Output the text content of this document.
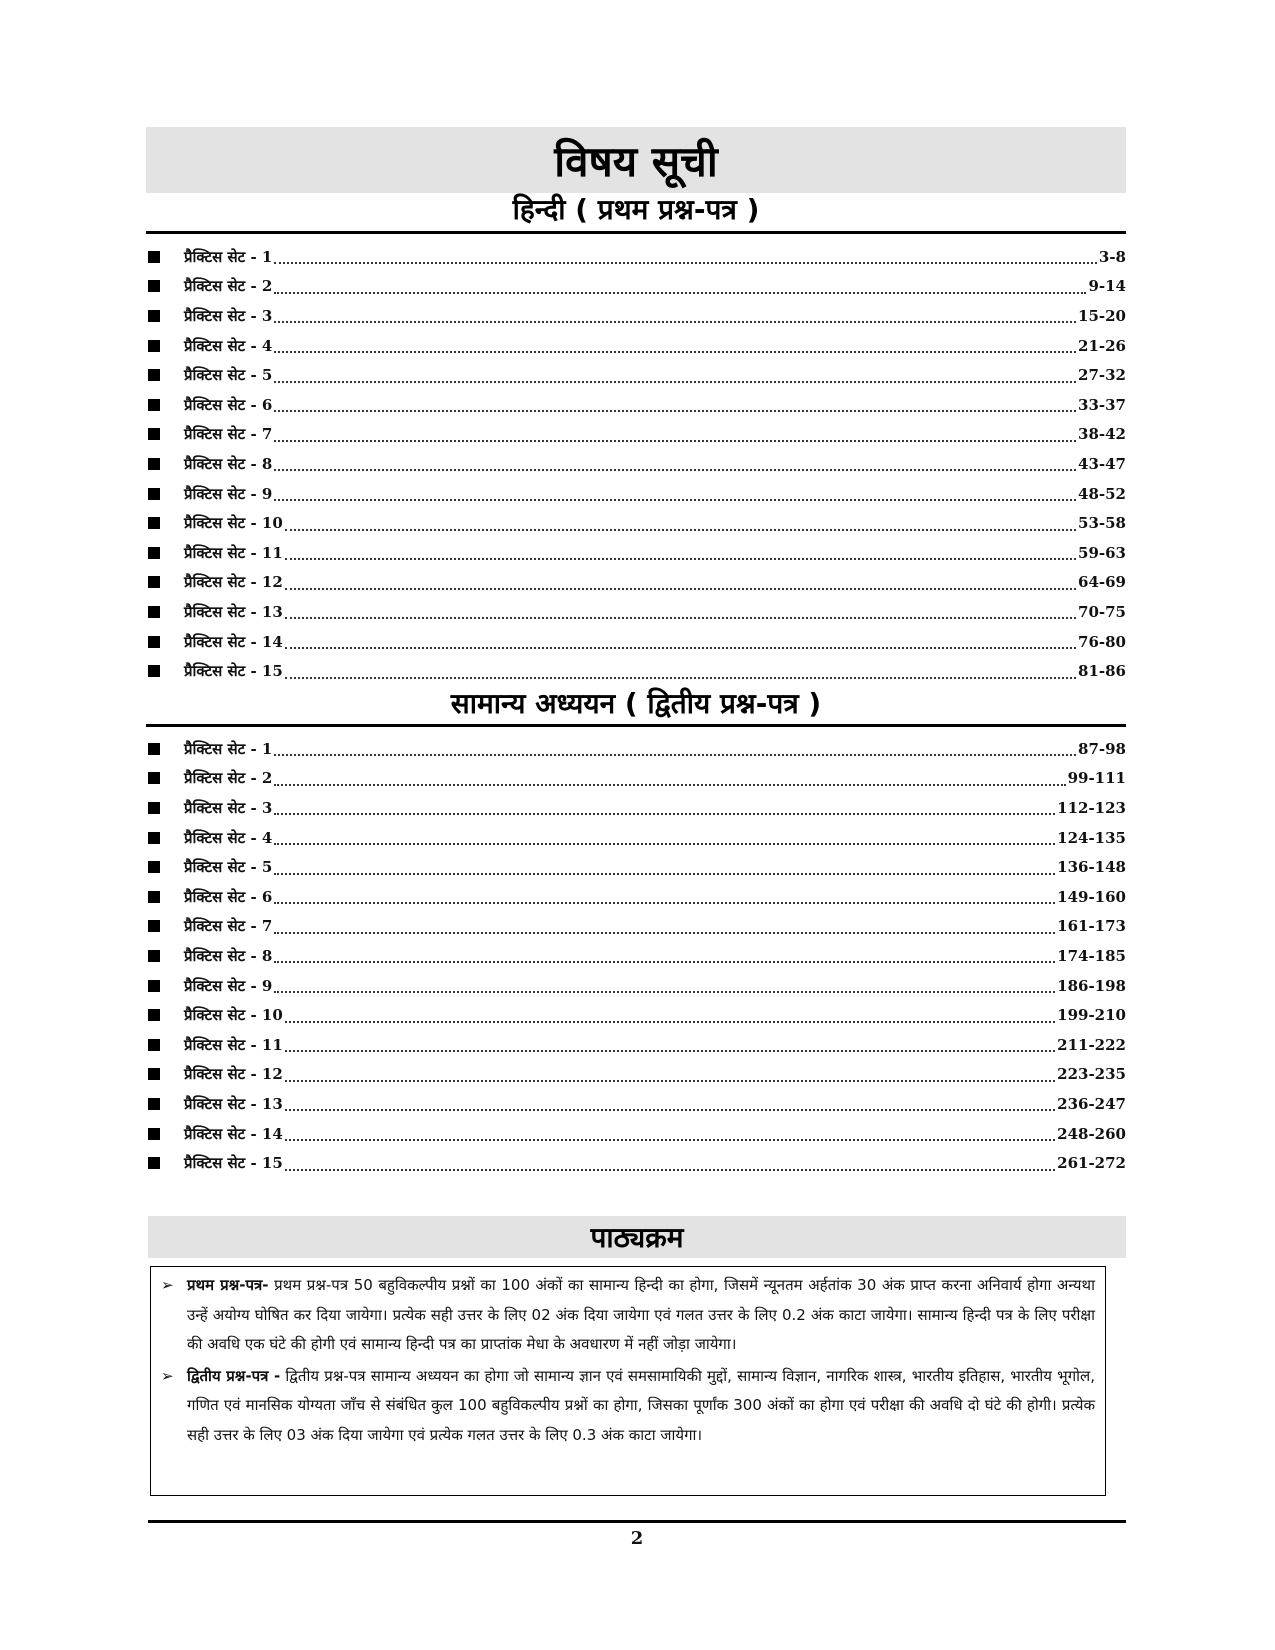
विषय सूची
हिन्दी ( प्रथम प्रश्न-पत्र )
प्रैक्टिस सेट - 1	3-8
प्रैक्टिस सेट - 2	9-14
प्रैक्टिस सेट - 3	15-20
प्रैक्टिस सेट - 4	21-26
प्रैक्टिस सेट - 5	27-32
प्रैक्टिस सेट - 6	33-37
प्रैक्टिस सेट - 7	38-42
प्रैक्टिस सेट - 8	43-47
प्रैक्टिस सेट - 9	48-52
प्रैक्टिस सेट - 10	53-58
प्रैक्टिस सेट - 11	59-63
प्रैक्टिस सेट - 12	64-69
प्रैक्टिस सेट - 13	70-75
प्रैक्टिस सेट - 14	76-80
प्रैक्टिस सेट - 15	81-86
सामान्य अध्ययन ( द्वितीय प्रश्न-पत्र )
प्रैक्टिस सेट - 1	87-98
प्रैक्टिस सेट - 2	99-111
प्रैक्टिस सेट - 3	112-123
प्रैक्टिस सेट - 4	124-135
प्रैक्टिस सेट - 5	136-148
प्रैक्टिस सेट - 6	149-160
प्रैक्टिस सेट - 7	161-173
प्रैक्टिस सेट - 8	174-185
प्रैक्टिस सेट - 9	186-198
प्रैक्टिस सेट - 10	199-210
प्रैक्टिस सेट - 11	211-222
प्रैक्टिस सेट - 12	223-235
प्रैक्टिस सेट - 13	236-247
प्रैक्टिस सेट - 14	248-260
प्रैक्टिस सेट - 15	261-272
पाठ्यक्रम

➢ प्रथम प्रश्न-पत्र- प्रथम प्रश्न-पत्र 50 बहुविकल्पीय प्रश्नों का 100 अंकों का सामान्य हिन्दी का होगा, जिसमें न्यूनतम अर्हतांक 30 अंक प्राप्त करना अनिवार्य होगा अन्यथा उन्हें अयोग्य घोषित कर दिया जायेगा। प्रत्येक सही उत्तर के लिए 02 अंक दिया जायेगा एवं गलत उत्तर के लिए 0.2 अंक काटा जायेगा। सामान्य हिन्दी पत्र के लिए परीक्षा की अवधि एक घंटे की होगी एवं सामान्य हिन्दी पत्र का प्राप्तांक मेधा के अवधारण में नहीं जोड़ा जायेगा।

➢ द्वितीय प्रश्न-पत्र - द्वितीय प्रश्न-पत्र सामान्य अध्ययन का होगा जो सामान्य ज्ञान एवं समसामायिकी मुद्दों, सामान्य विज्ञान, नागरिक शास्त्र, भारतीय इतिहास, भारतीय भूगोल, गणित एवं मानसिक योग्यता जाँच से संबंधित कुल 100 बहुविकल्पीय प्रश्नों का होगा, जिसका पूर्णांक 300 अंकों का होगा एवं परीक्षा की अवधि दो घंटे की होगी। प्रत्येक सही उत्तर के लिए 03 अंक दिया जायेगा एवं प्रत्येक गलत उत्तर के लिए 0.3 अंक काटा जायेगा।

2
